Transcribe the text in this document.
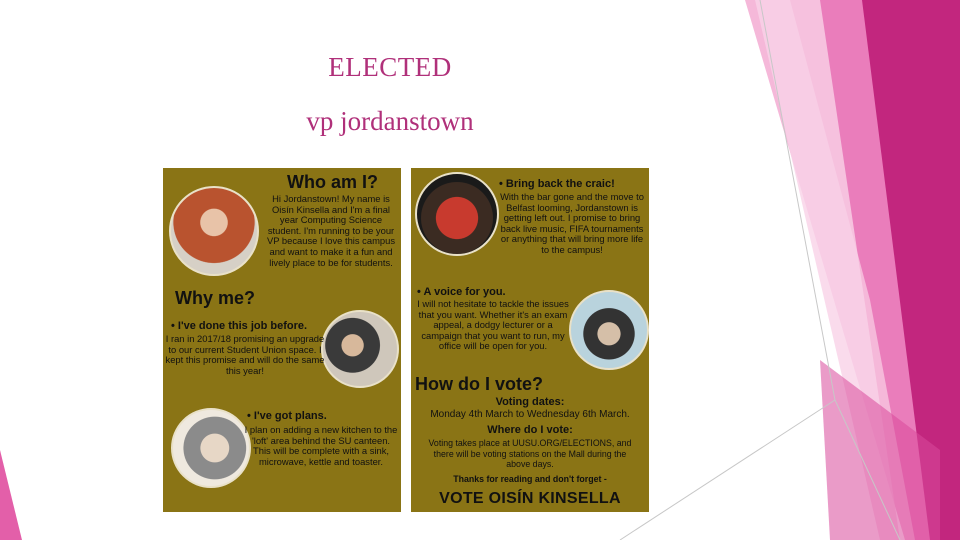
ELECTED
vp jordanstown
Who am I?
Hi Jordanstown! My name is Oisín Kinsella and I'm a final year Computing Science student. I'm running to be your VP because I love this campus and want to make it a fun and lively place to be for students.
Why me?
• I've done this job before.
I ran in 2017/18 promising an upgrade to our current Student Union space. I kept this promise and will do the same this year!
• I've got plans.
I plan on adding a new kitchen to the 'loft' area behind the SU canteen. This will be complete with a sink, microwave, kettle and toaster.
• Bring back the craic!
With the bar gone and the move to Belfast looming, Jordanstown is getting left out. I promise to bring back live music, FIFA tournaments or anything that will bring more life to the campus!
• A voice for you.
I will not hesitate to tackle the issues that you want. Whether it's an exam appeal, a dodgy lecturer or a campaign that you want to run, my office will be open for you.
How do I vote?
Voting dates:
Monday 4th March to Wednesday 6th March.
Where do I vote:
Voting takes place at UUSU.ORG/ELECTIONS, and there will be voting stations on the Mall during the above days.
Thanks for reading and don't forget -
VOTE OISÍN KINSELLA
